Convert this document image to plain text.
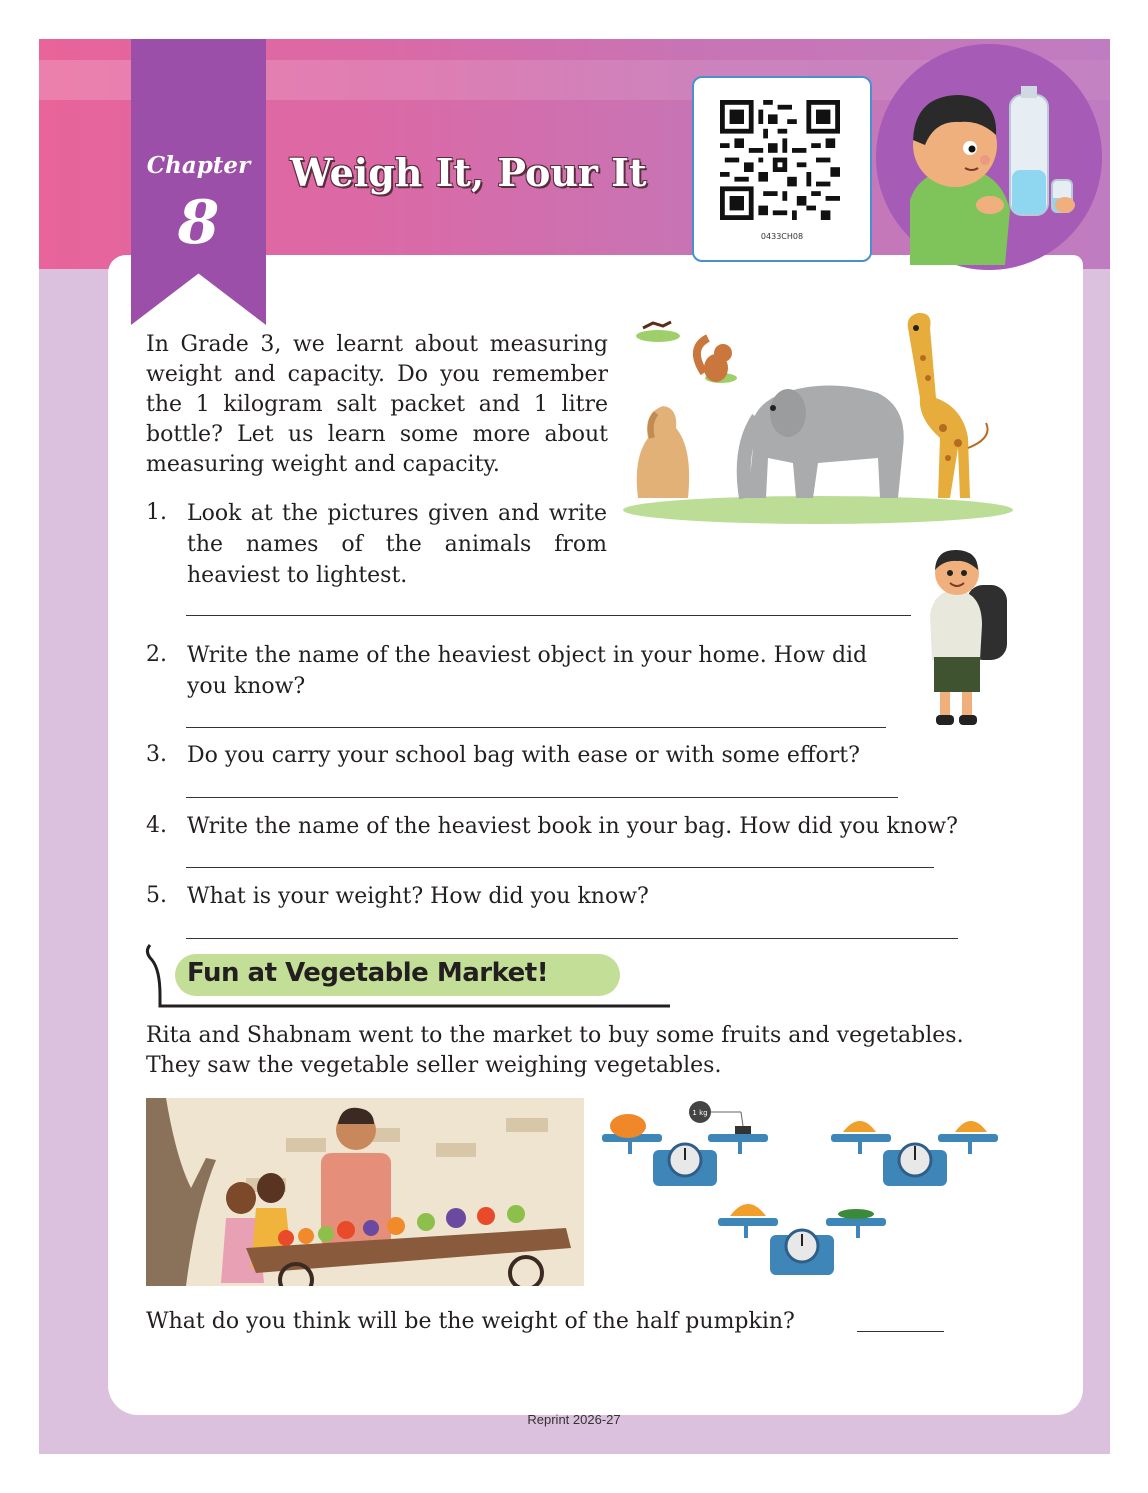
Chapter
8
Weigh It, Pour It
0433CH08
In Grade 3, we learnt about measuring weight and capacity. Do you remember the 1 kilogram salt packet and 1 litre bottle? Let us learn some more about measuring weight and capacity.
1. Look at the pictures given and write
the names of the animals from
heaviest to lightest.
2. Write the name of the heaviest object in your home. How did
you know?
3. Do you carry your school bag with ease or with some effort?
4. Write the name of the heaviest book in your bag. How did you know?
5. What is your weight? How did you know?
Fun at Vegetable Market!
Rita and Shabnam went to the market to buy some fruits and vegetables.
They saw the vegetable seller weighing vegetables.
1 kg
What do you think will be the weight of the half pumpkin?
Reprint 2026-27
